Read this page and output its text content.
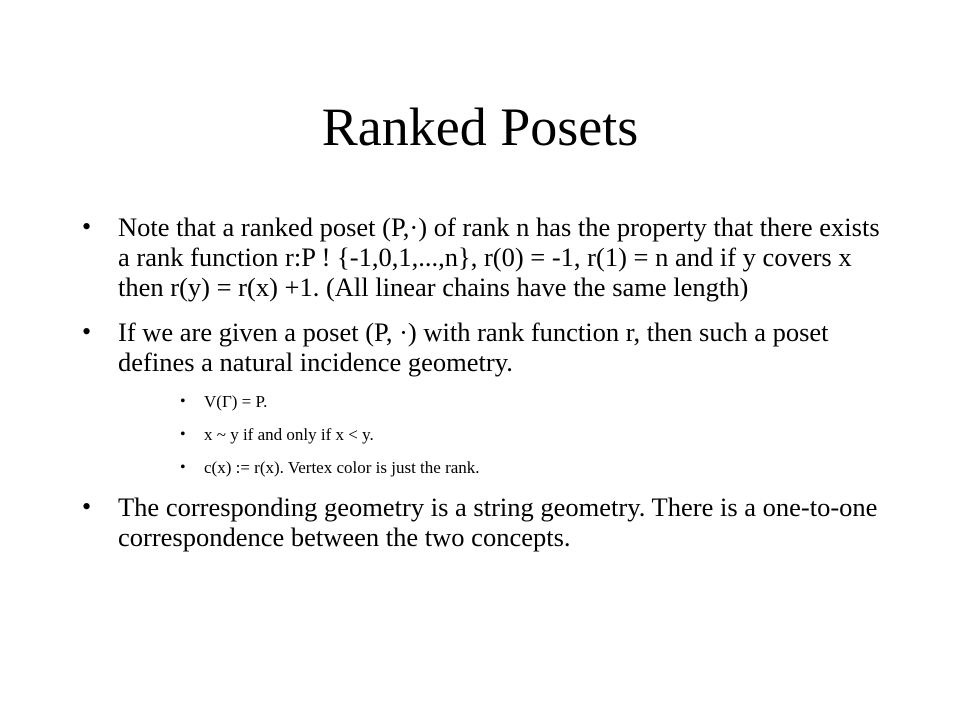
Ranked Posets
• Note that a ranked poset (P,·) of rank n has the property that there exists a rank function r:P ! {-1,0,1,...,n}, r(0) = -1, r(1) = n and if y covers x then r(y) = r(x) +1. (All linear chains have the same length)
• If we are given a poset (P, ·) with rank function r, then such a poset defines a natural incidence geometry.
• V(Γ) = P.
• x ~ y if and only if x < y.
• c(x) := r(x). Vertex color is just the rank.
• The corresponding geometry is a string geometry. There is a one-to-one correspondence between the two concepts.
